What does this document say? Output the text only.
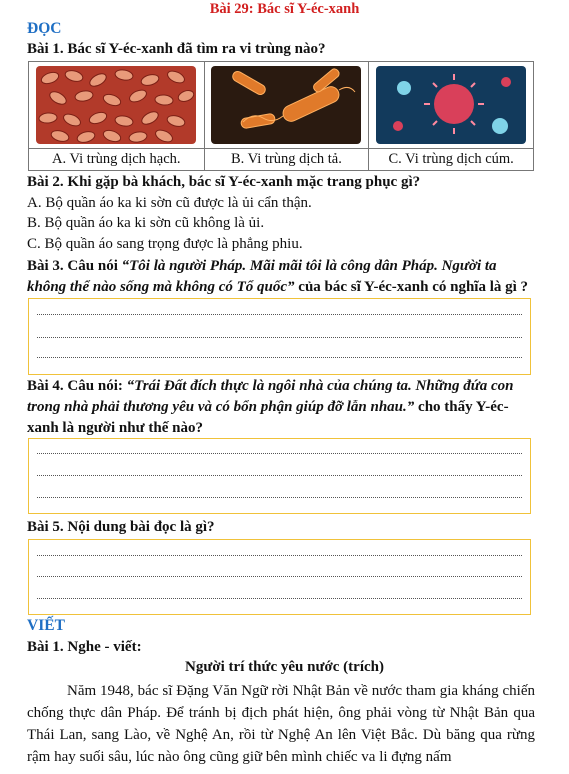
Bài 29: Bác sĩ Y-éc-xanh
ĐỌC
Bài 1. Bác sĩ Y-éc-xanh đã tìm ra vi trùng nào?

A. Vi trùng dịch hạch.	B. Vi trùng dịch tả.	C. Vi trùng dịch cúm.
Bài 2. Khi gặp bà khách, bác sĩ Y-éc-xanh mặc trang phục gì?
A. Bộ quần áo ka ki sờn cũ được là ủi cẩn thận.
B. Bộ quần áo ka ki sờn cũ không là ủi.
C. Bộ quần áo sang trọng được là phẳng phiu.
Bài 3. Câu nói “Tôi là người Pháp. Mãi mãi tôi là công dân Pháp. Người ta không thể nào sống mà không có Tổ quốc” của bác sĩ Y-éc-xanh có nghĩa là gì ?
Bài 4. Câu nói: “Trái Đất đích thực là ngôi nhà của chúng ta. Những đứa con trong nhà phải thương yêu và có bổn phận giúp đỡ lẫn nhau.” cho thấy Y-éc-xanh là người như thế nào?
Bài 5. Nội dung bài đọc là gì?
VIẾT
Bài 1. Nghe - viết:
Người trí thức yêu nước (trích)
Năm 1948, bác sĩ Đặng Văn Ngữ rời Nhật Bản về nước tham gia kháng chiến chống thực dân Pháp. Để tránh bị địch phát hiện, ông phải vòng từ Nhật Bản qua Thái Lan, sang Lào, về Nghệ An, rồi từ Nghệ An lên Việt Bắc. Dù băng qua rừng rậm hay suối sâu, lúc nào ông cũng giữ bên mình chiếc va li đựng nấm
